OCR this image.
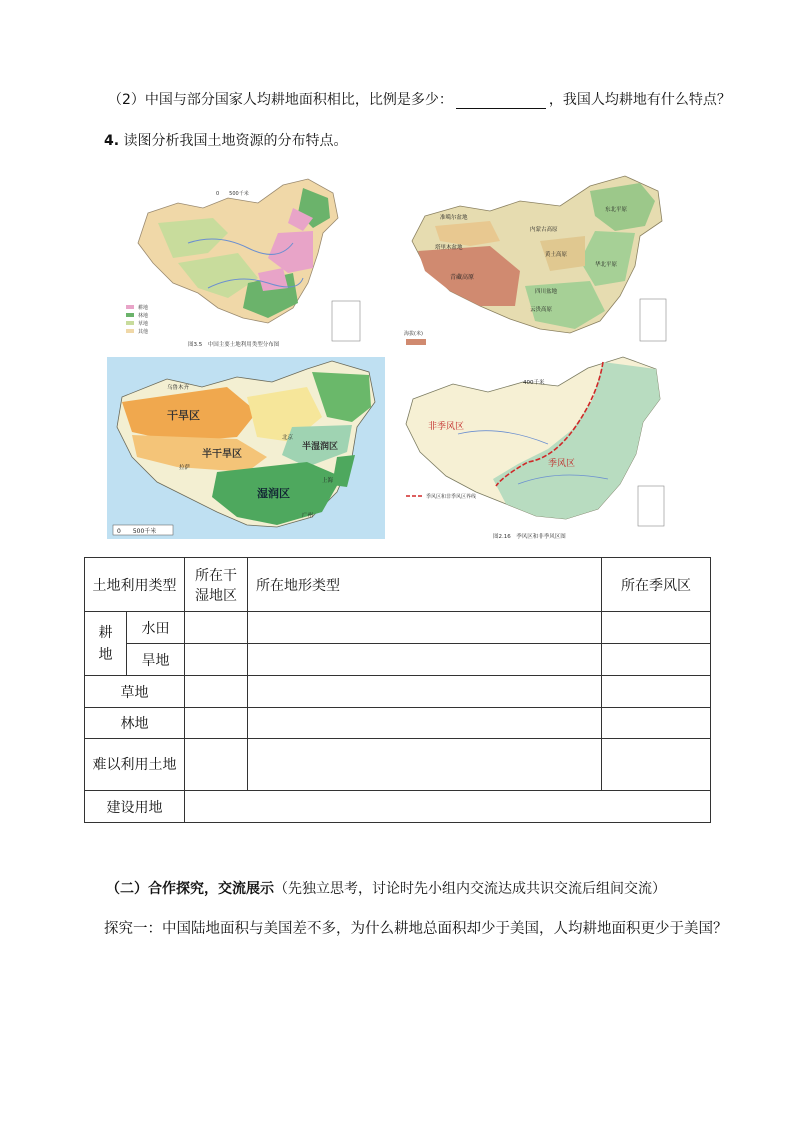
（2）中国与部分国家人均耕地面积相比，比例是多少：	，我国人均耕地有什么特点？
4. 读图分析我国土地资源的分布特点。
0　　500千米
耕地
林地
草地
其他
图3.5　中国主要土地利用类型分布图
准噶尔盆地
塔里木盆地
青藏高原
内蒙古高原
黄土高原
四川盆地
云贵高原
华北平原
东北平原
海拔(米)
乌鲁木齐
北京
上海
广州
拉萨
干旱区
半干旱区
半湿润区
湿润区
0　　500千米
非季风区
季风区
400千米
季风区和非季风区界线
图2.16　季风区和非季风区图
土地利用类型		所在干湿地区	所在地形类型	所在季风区
耕地	水田			
	旱地			
草地				
林地				
难以利用土地				
建设用地				
（二）合作探究，交流展示（先独立思考，讨论时先小组内交流达成共识交流后组间交流）
探究一：中国陆地面积与美国差不多，为什么耕地总面积却少于美国，人均耕地面积更少于美国？
